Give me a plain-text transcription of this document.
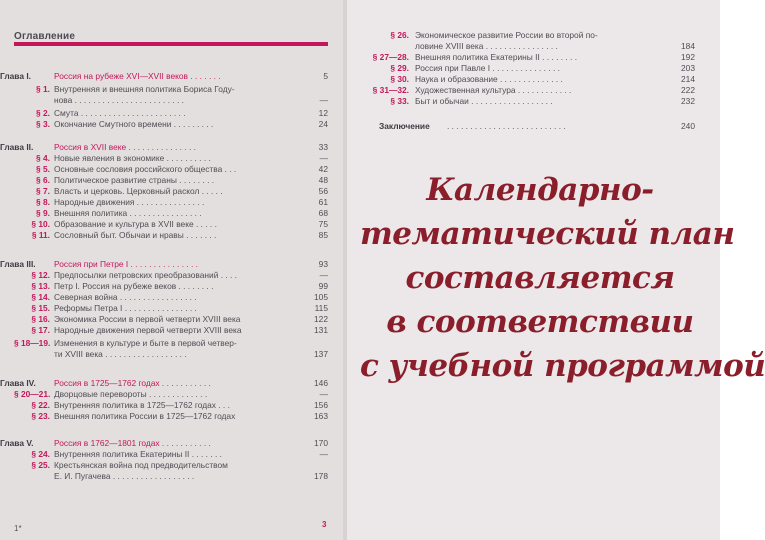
Оглавление
Глава I.	Россия на рубеже XVI—XVII веков . . . . . . .	5
§ 1. Внутренняя и внешняя политика Бориса Году-
нова . . . . . . . . . . . . . . . . . . . . . . . .	—
§ 2. Смута . . . . . . . . . . . . . . . . . . . . . . .	12
§ 3. Окончание Смутного времени . . . . . . . . .	24
Глава II.	Россия в XVII веке . . . . . . . . . . . . . . .	33
§ 4. Новые явления в экономике . . . . . . . . . .	—
§ 5. Основные сословия российского общества . . .	42
§ 6. Политическое развитие страны . . . . . . . .	48
§ 7. Власть и церковь. Церковный раскол . . . . .	56
§ 8. Народные движения . . . . . . . . . . . . . . .	61
§ 9. Внешняя политика . . . . . . . . . . . . . . . .	68
§ 10. Образование и культура в XVII веке . . . . .	75
§ 11. Сословный быт. Обычаи и нравы . . . . . . .	85
Глава III.	Россия при Петре I . . . . . . . . . . . . . . .	93
§ 12. Предпосылки петровских преобразований . . . .	—
§ 13. Петр I. Россия на рубеже веков . . . . . . . .	99
§ 14. Северная война . . . . . . . . . . . . . . . . .	105
§ 15. Реформы Петра I . . . . . . . . . . . . . . . .	115
§ 16. Экономика России в первой четверти XVIII века	122
§ 17. Народные движения первой четверти XVIII века	131
§ 18—19. Изменения в культуре и быте в первой четвер-
ти XVIII века . . . . . . . . . . . . . . . . . .	137
Глава IV.	Россия в 1725—1762 годах . . . . . . . . . . .	146
§ 20—21. Дворцовые перевороты . . . . . . . . . . . . .	—
§ 22. Внутренняя политика в 1725—1762 годах . . .	156
§ 23. Внешняя политика России в 1725—1762 годах	163
Глава V.	Россия в 1762—1801 годах . . . . . . . . . . .	170
§ 24. Внутренняя политика Екатерины II . . . . . . .	—
§ 25. Крестьянская война под предводительством
Е. И. Пугачева . . . . . . . . . . . . . . . . . .	178
1*	3
§ 26. Экономическое развитие России во второй по-
ловине XVIII века . . . . . . . . . . . . . . . .	184
§ 27—28. Внешняя политика Екатерины II . . . . . . . .	192
§ 29. Россия при Павле I . . . . . . . . . . . . . . .	203
§ 30. Наука и образование . . . . . . . . . . . . . .	214
§ 31—32. Художественная культура . . . . . . . . . . . .	222
§ 33. Быт и обычаи . . . . . . . . . . . . . . . . . .	232
Заключение	. . . . . . . . . . . . . . . . . . . . . . . . . .	240
Календарно-
тематический план
составляется
в соответствии
с учебной программой
